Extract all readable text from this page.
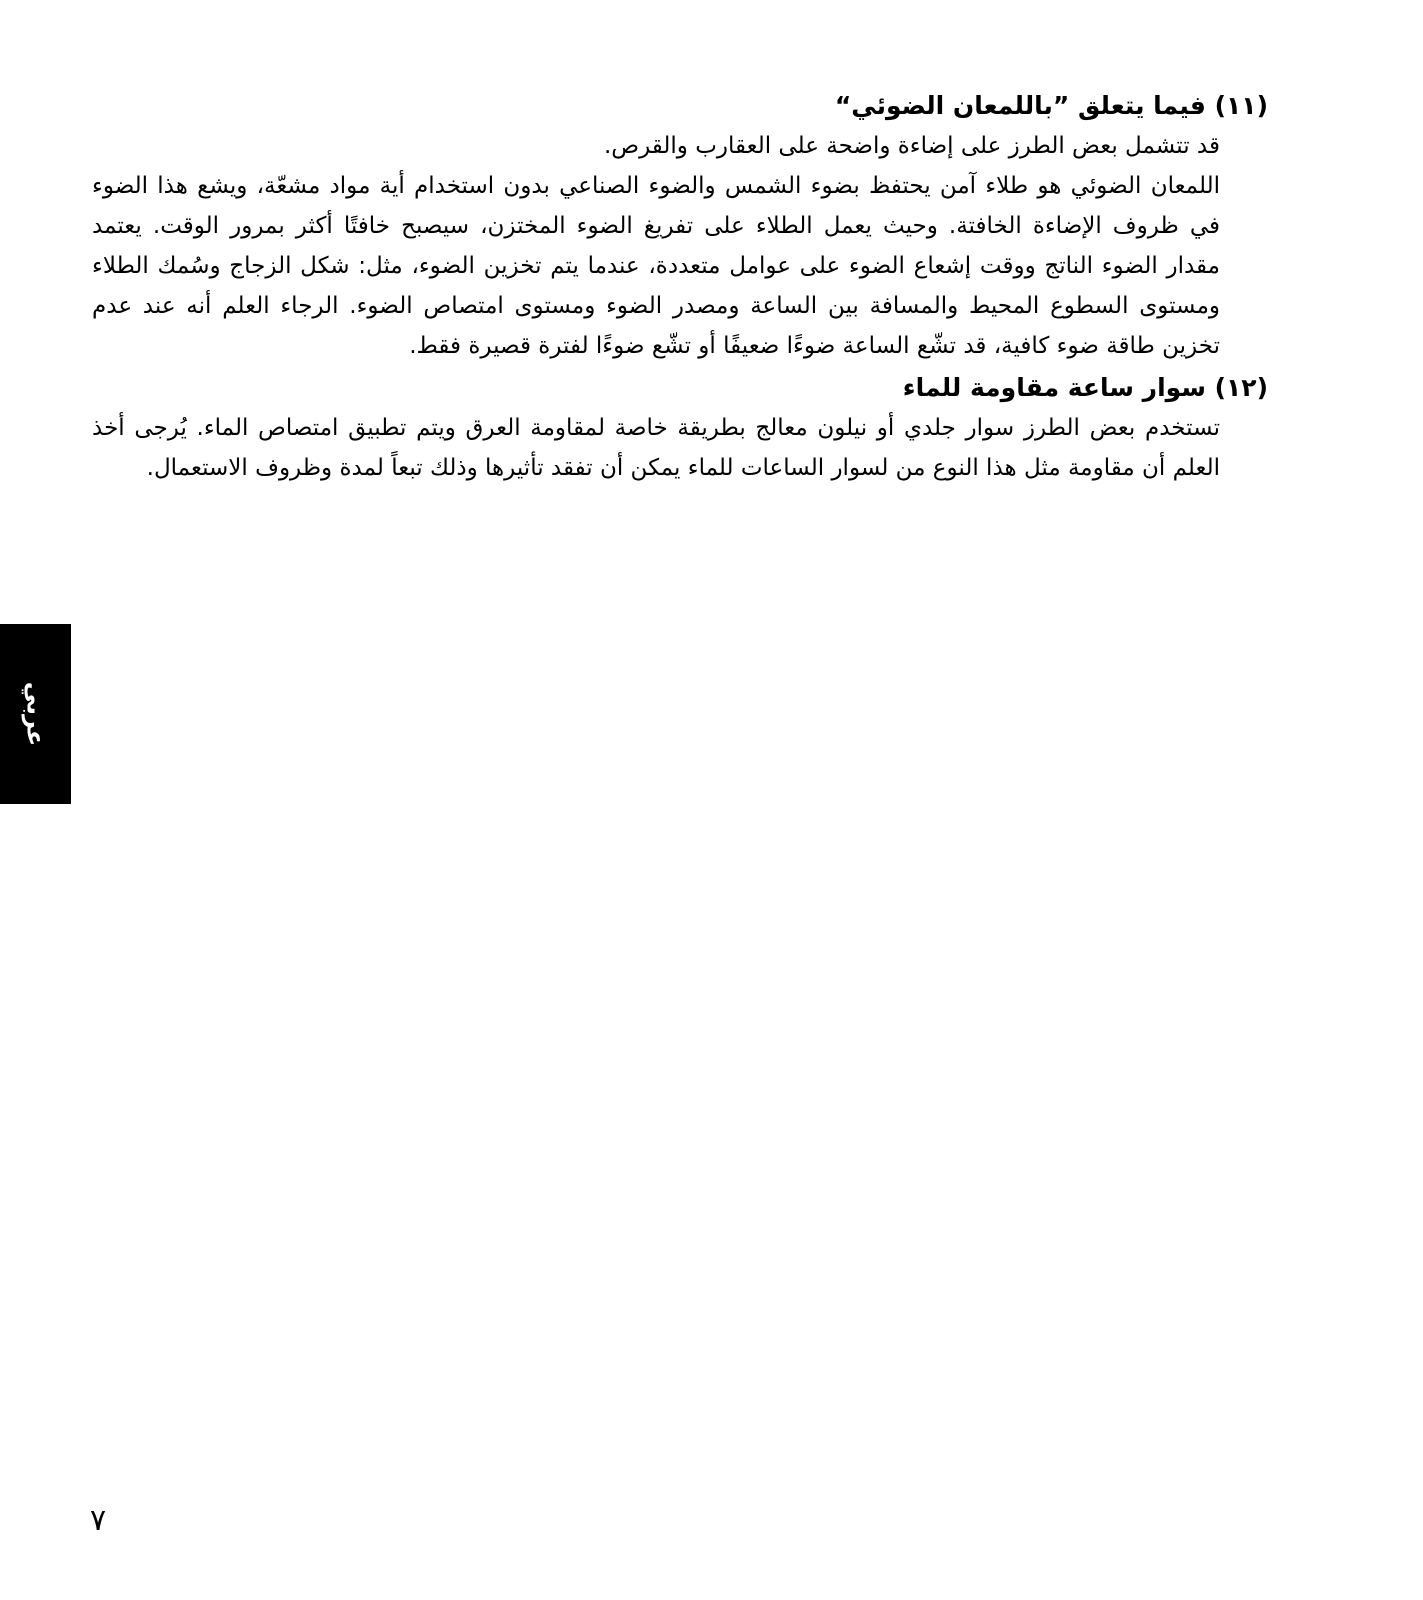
(١١) فيما يتعلق ”باللمعان الضوئي“

قد تتشمل بعض الطرز على إضاءة واضحة على العقارب والقرص.

اللمعان الضوئي هو طلاء آمن يحتفظ بضوء الشمس والضوء الصناعي بدون استخدام أية مواد مشعّة، ويشع هذا الضوء في ظروف الإضاءة الخافتة. وحيث يعمل الطلاء على تفريغ الضوء المختزن، سيصبح خافتًا أكثر بمرور الوقت. يعتمد مقدار الضوء الناتج ووقت إشعاع الضوء على عوامل متعددة، عندما يتم تخزين الضوء، مثل: شكل الزجاج وسُمك الطلاء ومستوى السطوع المحيط والمسافة بين الساعة ومصدر الضوء ومستوى امتصاص الضوء. الرجاء العلم أنه عند عدم تخزين طاقة ضوء كافية، قد تشّع الساعة ضوءًا ضعيفًا أو تشّع ضوءًا لفترة قصيرة فقط.

(١٢) سوار ساعة مقاومة للماء

تستخدم بعض الطرز سوار جلدي أو نيلون معالج بطريقة خاصة لمقاومة العرق ويتم تطبيق امتصاص الماء. يُرجى أخذ العلم أن مقاومة مثل هذا النوع من لسوار الساعات للماء يمكن أن تفقد تأثيرها وذلك تبعاً لمدة وظروف الاستعمال.

عربي
٧
